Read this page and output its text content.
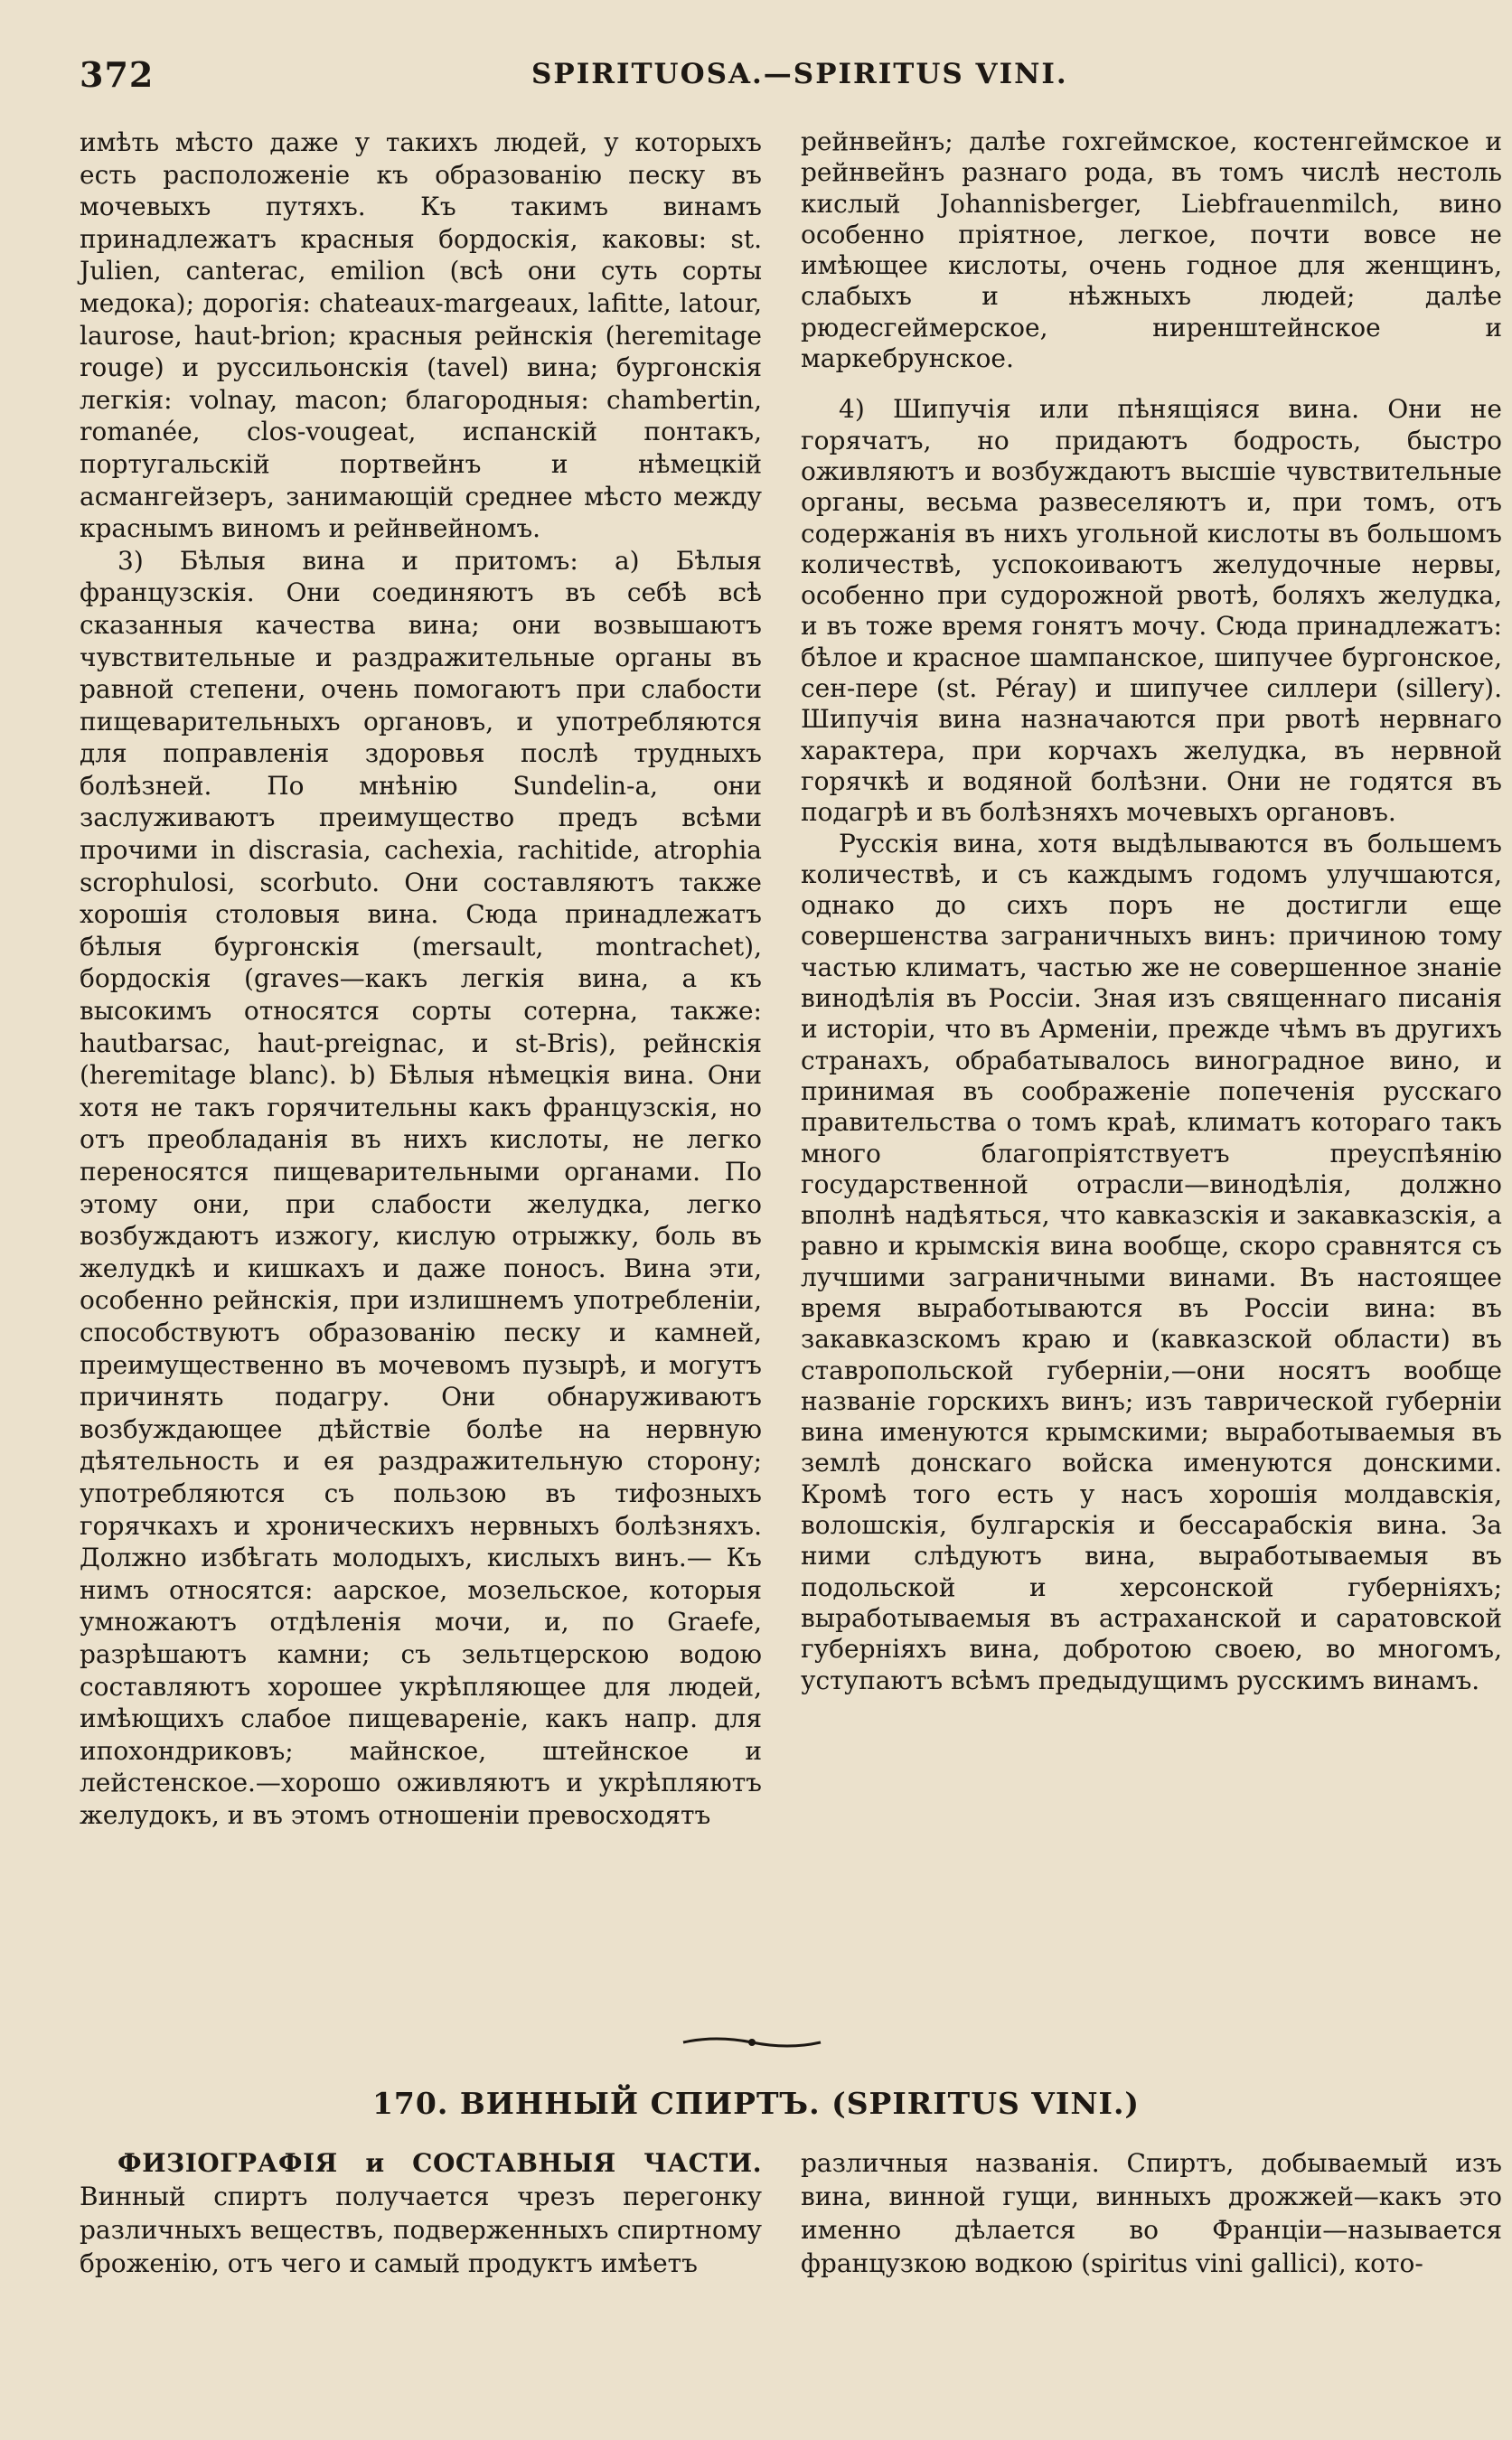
372	SPIRITUOSA.—SPIRITUS VINI.

имѣть мѣсто даже у такихъ людей, у которыхъ есть расположеніе къ образованію песку въ мочевыхъ путяхъ. Къ такимъ винамъ принадлежатъ красныя бордоскія, каковы: st. Julien, canterac, emilion (всѣ они суть сорты медока); дорогія: chateaux-margeaux, lafitte, latour, laurose, haut-brion; красныя рейнскія (heremitage rouge) и руссильонскія (tavel) вина; бургонскія легкія: volnay, macon; благородныя: chambertin, romanée, clos-vougeat, испанскій понтакъ, португальскій портвейнъ и нѣмецкій асмангейзеръ, занимающій среднее мѣсто между краснымъ виномъ и рейнвейномъ.

3) Бѣлыя вина и притомъ: а) Бѣлыя французскія. Они соединяютъ въ себѣ всѣ сказанныя качества вина; они возвышаютъ чувствительные и раздражительные органы въ равной степени, очень помогаютъ при слабости пищеварительныхъ органовъ, и употребляются для поправленія здоровья послѣ трудныхъ болѣзней. По мнѣнію Sundelin-а, они заслуживаютъ преимущество предъ всѣми прочими in discrasia, cachexia, rachitide, atrophia scrophulosi, scorbuto. Они составляютъ также хорошія столовыя вина. Сюда принадлежатъ бѣлыя бургонскія (mersault, montrachet), бордоскія (graves—какъ легкія вина, а къ высокимъ относятся сорты сотерна, также: hautbarsac, haut-preignac, и st-Bris), рейнскія (heremitage blanc). b) Бѣлыя нѣмецкія вина. Они хотя не такъ горячительны какъ французскія, но отъ преобладанія въ нихъ кислоты, не легко переносятся пищеварительными органами. По этому они, при слабости желудка, легко возбуждаютъ изжогу, кислую отрыжку, боль въ желудкѣ и кишкахъ и даже поносъ. Вина эти, особенно рейнскія, при излишнемъ употребленіи, способствуютъ образованію песку и камней, преимущественно въ мочевомъ пузырѣ, и могутъ причинять подагру. Они обнаруживаютъ возбуждающее дѣйствіе болѣе на нервную дѣятельность и ея раздражительную сторону; употребляются съ пользою въ тифозныхъ горячкахъ и хроническихъ нервныхъ болѣзняхъ. Должно избѣгать молодыхъ, кислыхъ винъ.— Къ нимъ относятся: аарское, мозельское, которыя умножаютъ отдѣленія мочи, и, по Graefe, разрѣшаютъ камни; съ зельтцерскою водою составляютъ хорошее укрѣпляющее для людей, имѣющихъ слабое пищевареніе, какъ напр. для ипохондриковъ; майнское, штейнское и лейстенское.—хорошо оживляютъ и укрѣпляютъ желудокъ, и въ этомъ отношеніи превосходятъ

рейнвейнъ; далѣе гохгеймское, костенгеймское и рейнвейнъ разнаго рода, въ томъ числѣ нестоль кислый Johannisberger, Liebfrauenmilch, вино особенно пріятное, легкое, почти вовсе не имѣющее кислоты, очень годное для женщинъ, слабыхъ и нѣжныхъ людей; далѣе рюдесгеймерское, ниренштейнское и маркебрунское.

4) Шипучія или пѣнящіяся вина. Они не горячатъ, но придаютъ бодрость, быстро оживляютъ и возбуждаютъ высшіе чувствительные органы, весьма развеселяютъ и, при томъ, отъ содержанія въ нихъ угольной кислоты въ большомъ количествѣ, успокоиваютъ желудочные нервы, особенно при судорожной рвотѣ, боляхъ желудка, и въ тоже время гонятъ мочу. Сюда принадлежатъ: бѣлое и красное шампанское, шипучее бургонское, сен-пере (st. Péray) и шипучее силлери (sillery). Шипучія вина назначаются при рвотѣ нервнаго характера, при корчахъ желудка, въ нервной горячкѣ и водяной болѣзни. Они не годятся въ подагрѣ и въ болѣзняхъ мочевыхъ органовъ.

Русскія вина, хотя выдѣлываются въ большемъ количествѣ, и съ каждымъ годомъ улучшаются, однако до сихъ поръ не достигли еще совершенства заграничныхъ винъ: причиною тому частью климатъ, частью же не совершенное знаніе винодѣлія въ Россіи. Зная изъ священнаго писанія и исторіи, что въ Арменіи, прежде чѣмъ въ другихъ странахъ, обрабатывалось виноградное вино, и принимая въ соображеніе попеченія русскаго правительства о томъ краѣ, климатъ котораго такъ много благопріятствуетъ преуспѣянію государственной отрасли—винодѣлія, должно вполнѣ надѣяться, что кавказскія и закавказскія, а равно и крымскія вина вообще, скоро сравнятся съ лучшими заграничными винами. Въ настоящее время выработываются въ Россіи вина: въ закавказскомъ краю и (кавказской области) въ ставропольской губерніи,—они носятъ вообще названіе горскихъ винъ; изъ таврической губерніи вина именуются крымскими; выработываемыя въ землѣ донскаго войска именуются донскими. Кромѣ того есть у насъ хорошія молдавскія, волошскія, булгарскія и бессарабскія вина. За ними слѣдуютъ вина, выработываемыя въ подольской и херсонской губерніяхъ; выработываемыя въ астраханской и саратовской губерніяхъ вина, добротою своею, во многомъ, уступаютъ всѣмъ предыдущимъ русскимъ винамъ.

170. ВИННЫЙ СПИРТЪ. (SPIRITUS VINI.)

ФИЗІОГРАФІЯ и СОСТАВНЫЯ ЧАСТИ. Винный спиртъ получается чрезъ перегонку различныхъ веществъ, подверженныхъ спиртному броженію, отъ чего и самый продуктъ имѣетъ

различныя названія. Спиртъ, добываемый изъ вина, винной гущи, винныхъ дрожжей—какъ это именно дѣлается во Франціи—называется французкою водкою (spiritus vini gallici), кото-
